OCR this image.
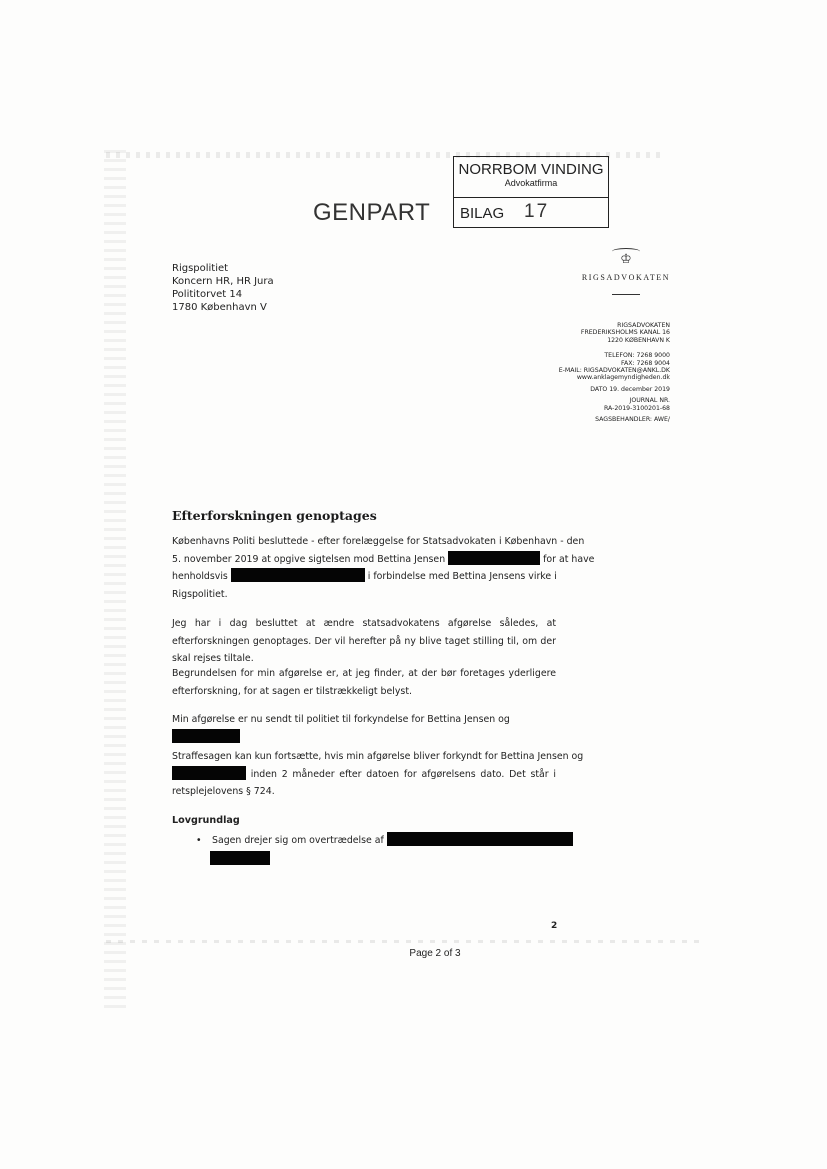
NORRBOM VINDING
Advokatfirma
BILAG 17
GENPART
Rigspolitiet
Koncern HR, HR Jura
Polititorvet 14
1780 København V
♔
RIGSADVOKATEN
RIGSADVOKATEN
FREDERIKSHOLMS KANAL 16
1220 KØBENHAVN K
TELEFON: 7268 9000
FAX: 7268 9004
E-MAIL: RIGSADVOKATEN@ANKL.DK
www.anklagemyndigheden.dk
DATO 19. december 2019
JOURNAL NR.
RA-2019-3100201-68
SAGSBEHANDLER: AWE/
Efterforskningen genoptages
Københavns Politi besluttede - efter forelæggelse for Statsadvokaten i København - den
5. november 2019 at opgive sigtelsen mod Bettina Jensen	for at have
henholdsvis	i forbindelse med Bettina Jensens virke i
Rigspolitiet.
Jeg har i dag besluttet at ændre statsadvokatens afgørelse således, at efterforskningen genoptages. Der vil herefter på ny blive taget stilling til, om der skal rejses tiltale.
Begrundelsen for min afgørelse er, at jeg finder, at der bør foretages yderligere efterforskning, for at sagen er tilstrækkeligt belyst.
Min afgørelse er nu sendt til politiet til forkyndelse for Bettina Jensen og
Straffesagen kan kun fortsætte, hvis min afgørelse bliver forkyndt for Bettina Jensen og
inden 2 måneder efter datoen for afgørelsens dato. Det står i
retsplejelovens § 724.
Lovgrundlag
• Sagen drejer sig om overtrædelse af
2
Page 2 of 3
